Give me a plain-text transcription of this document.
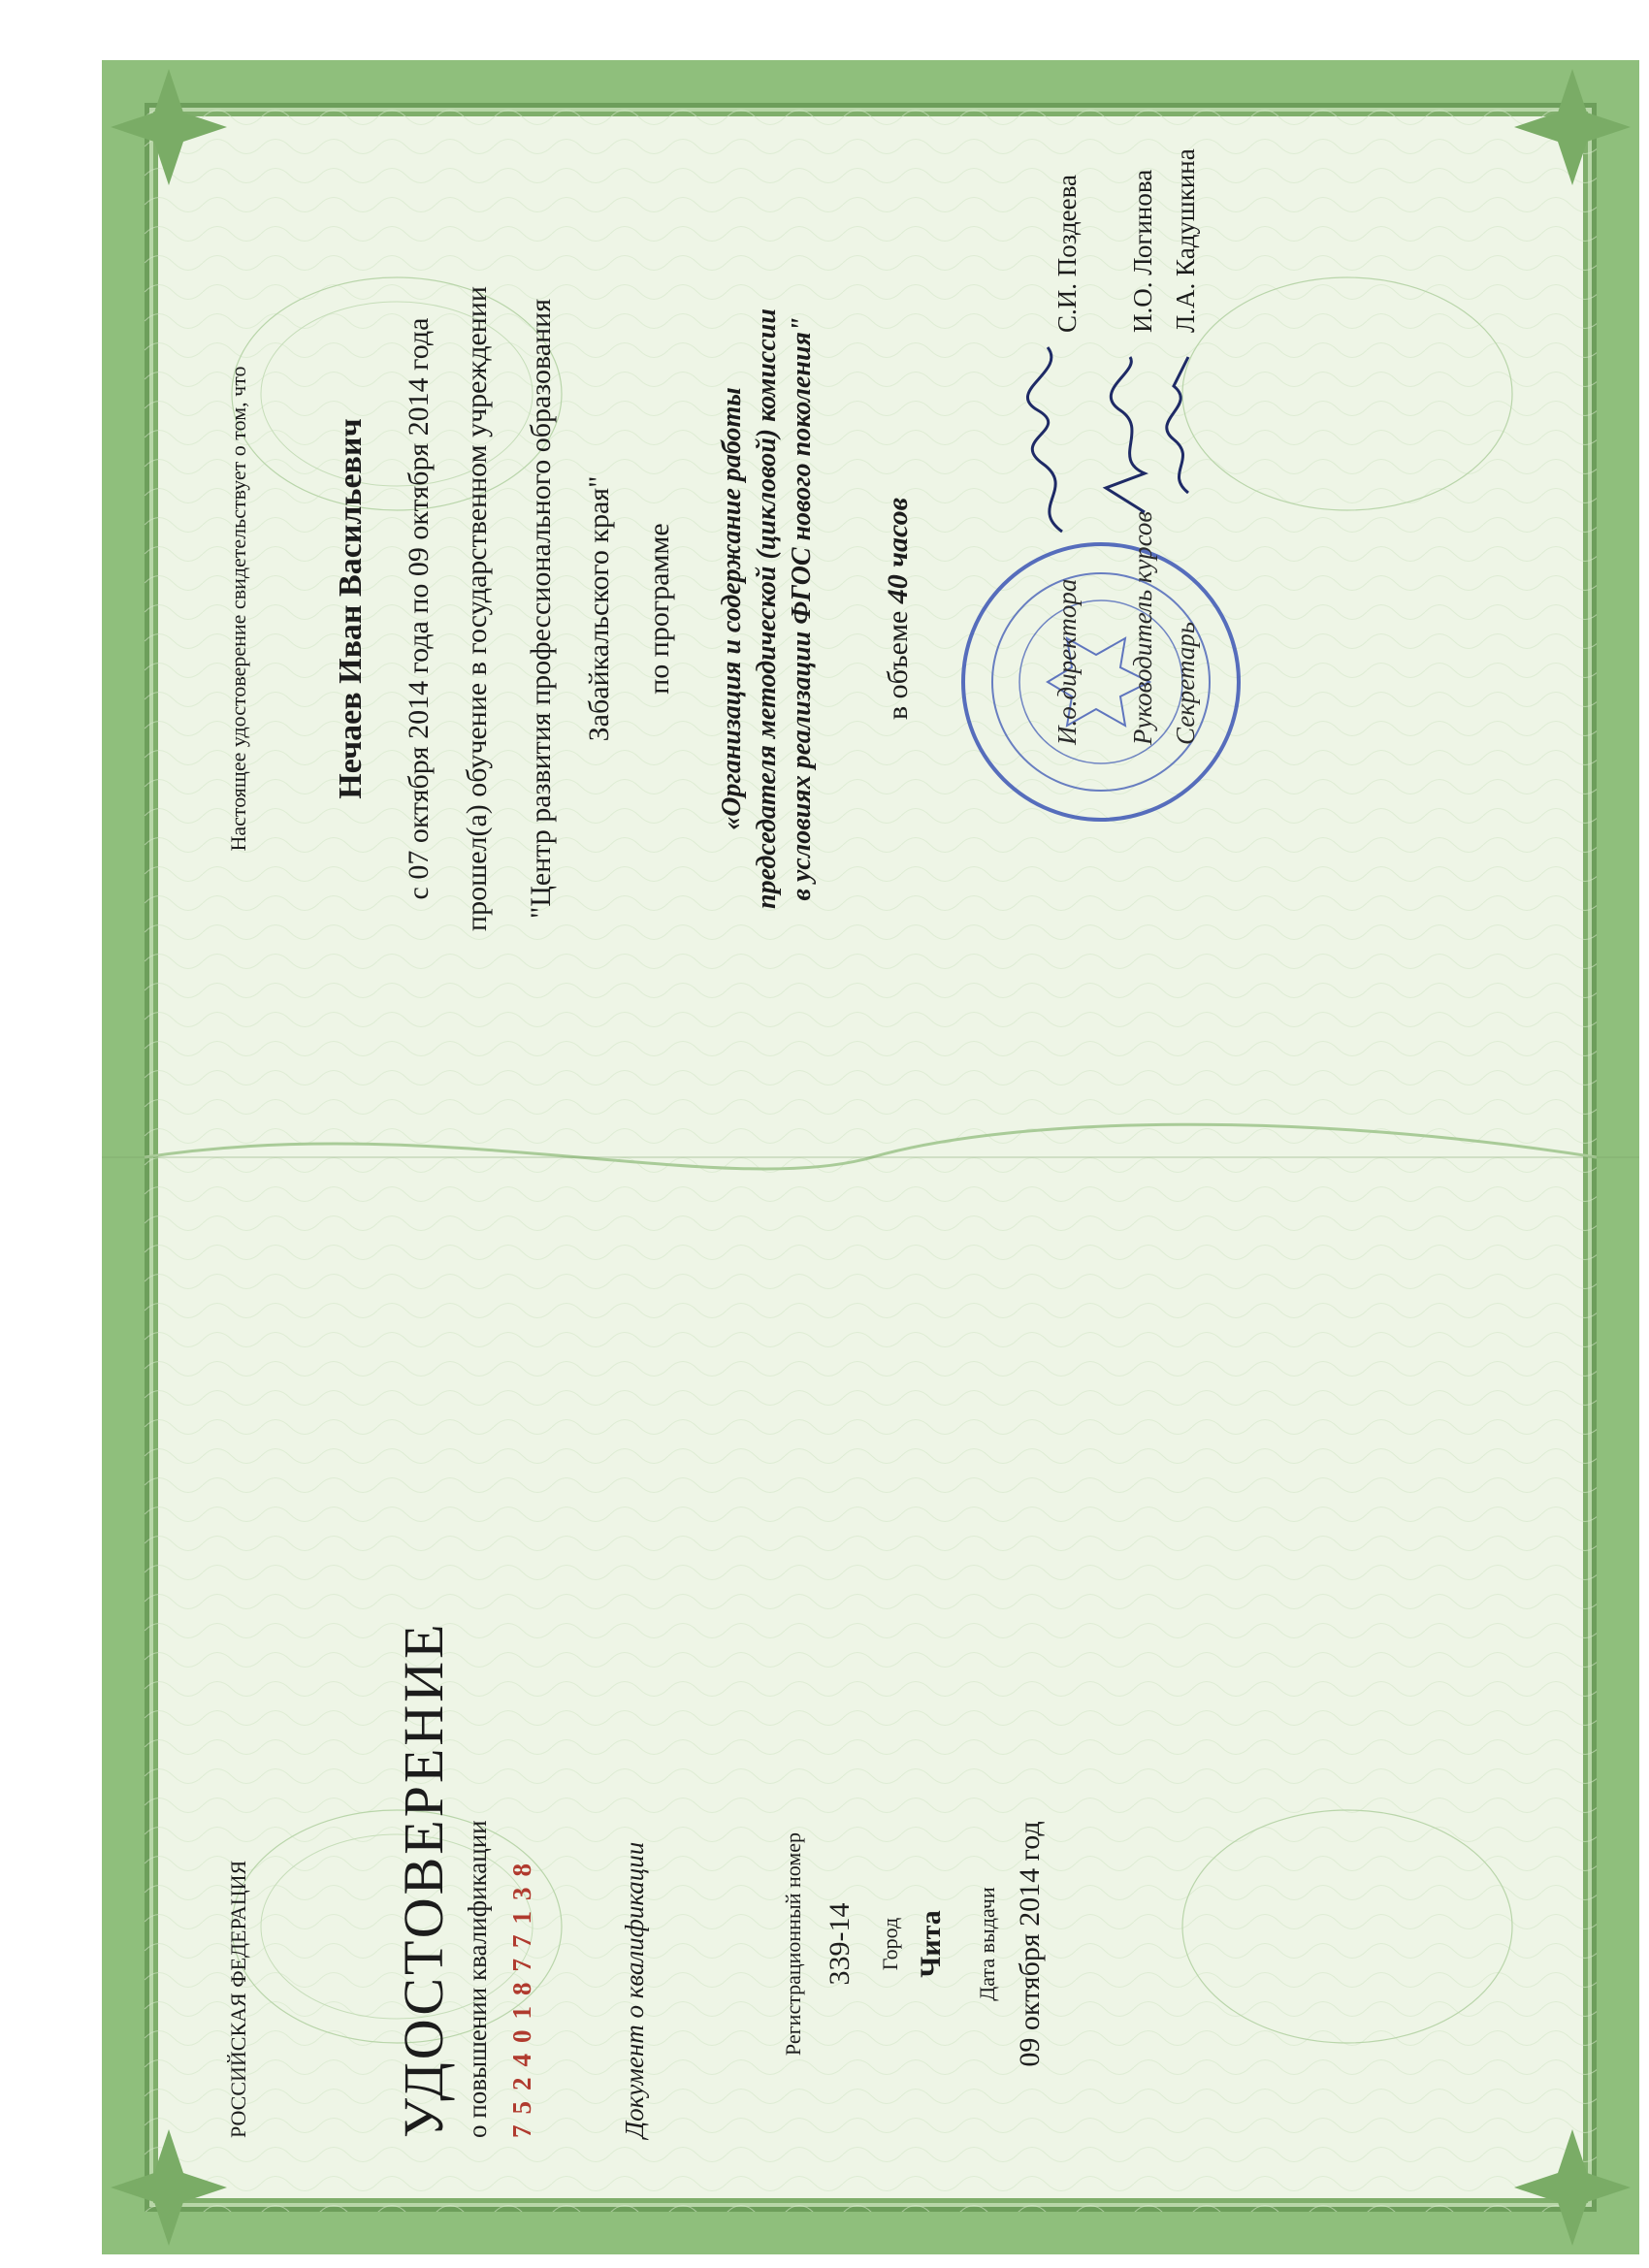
РОССИЙСКАЯ ФЕДЕРАЦИЯ	УДОСТОВЕРЕНИЕ о повышении квалификации 752401877138	Документ о квалификации	Регистрационный номер 339-14 Город Чита Дата выдачи 09 октября 2014 год
Настоящее удостоверение свидетельствует о том, что	Нечаев Иван Васильевич с 07 октября 2014 года по 09 октября 2014 года прошел(а) обучение в государственном учреждении "Центр развития профессионального образования Забайкальского края" по программе «Организация и содержание работы председателя методической (цикловой) комиссии в условиях реализации ФГОС нового поколения" в объеме 40 часов
И.о.директора
С.И. Поздеева
Руководитель курсов
И.О. Логинова
Секретарь
Л.А. Кадушкина
